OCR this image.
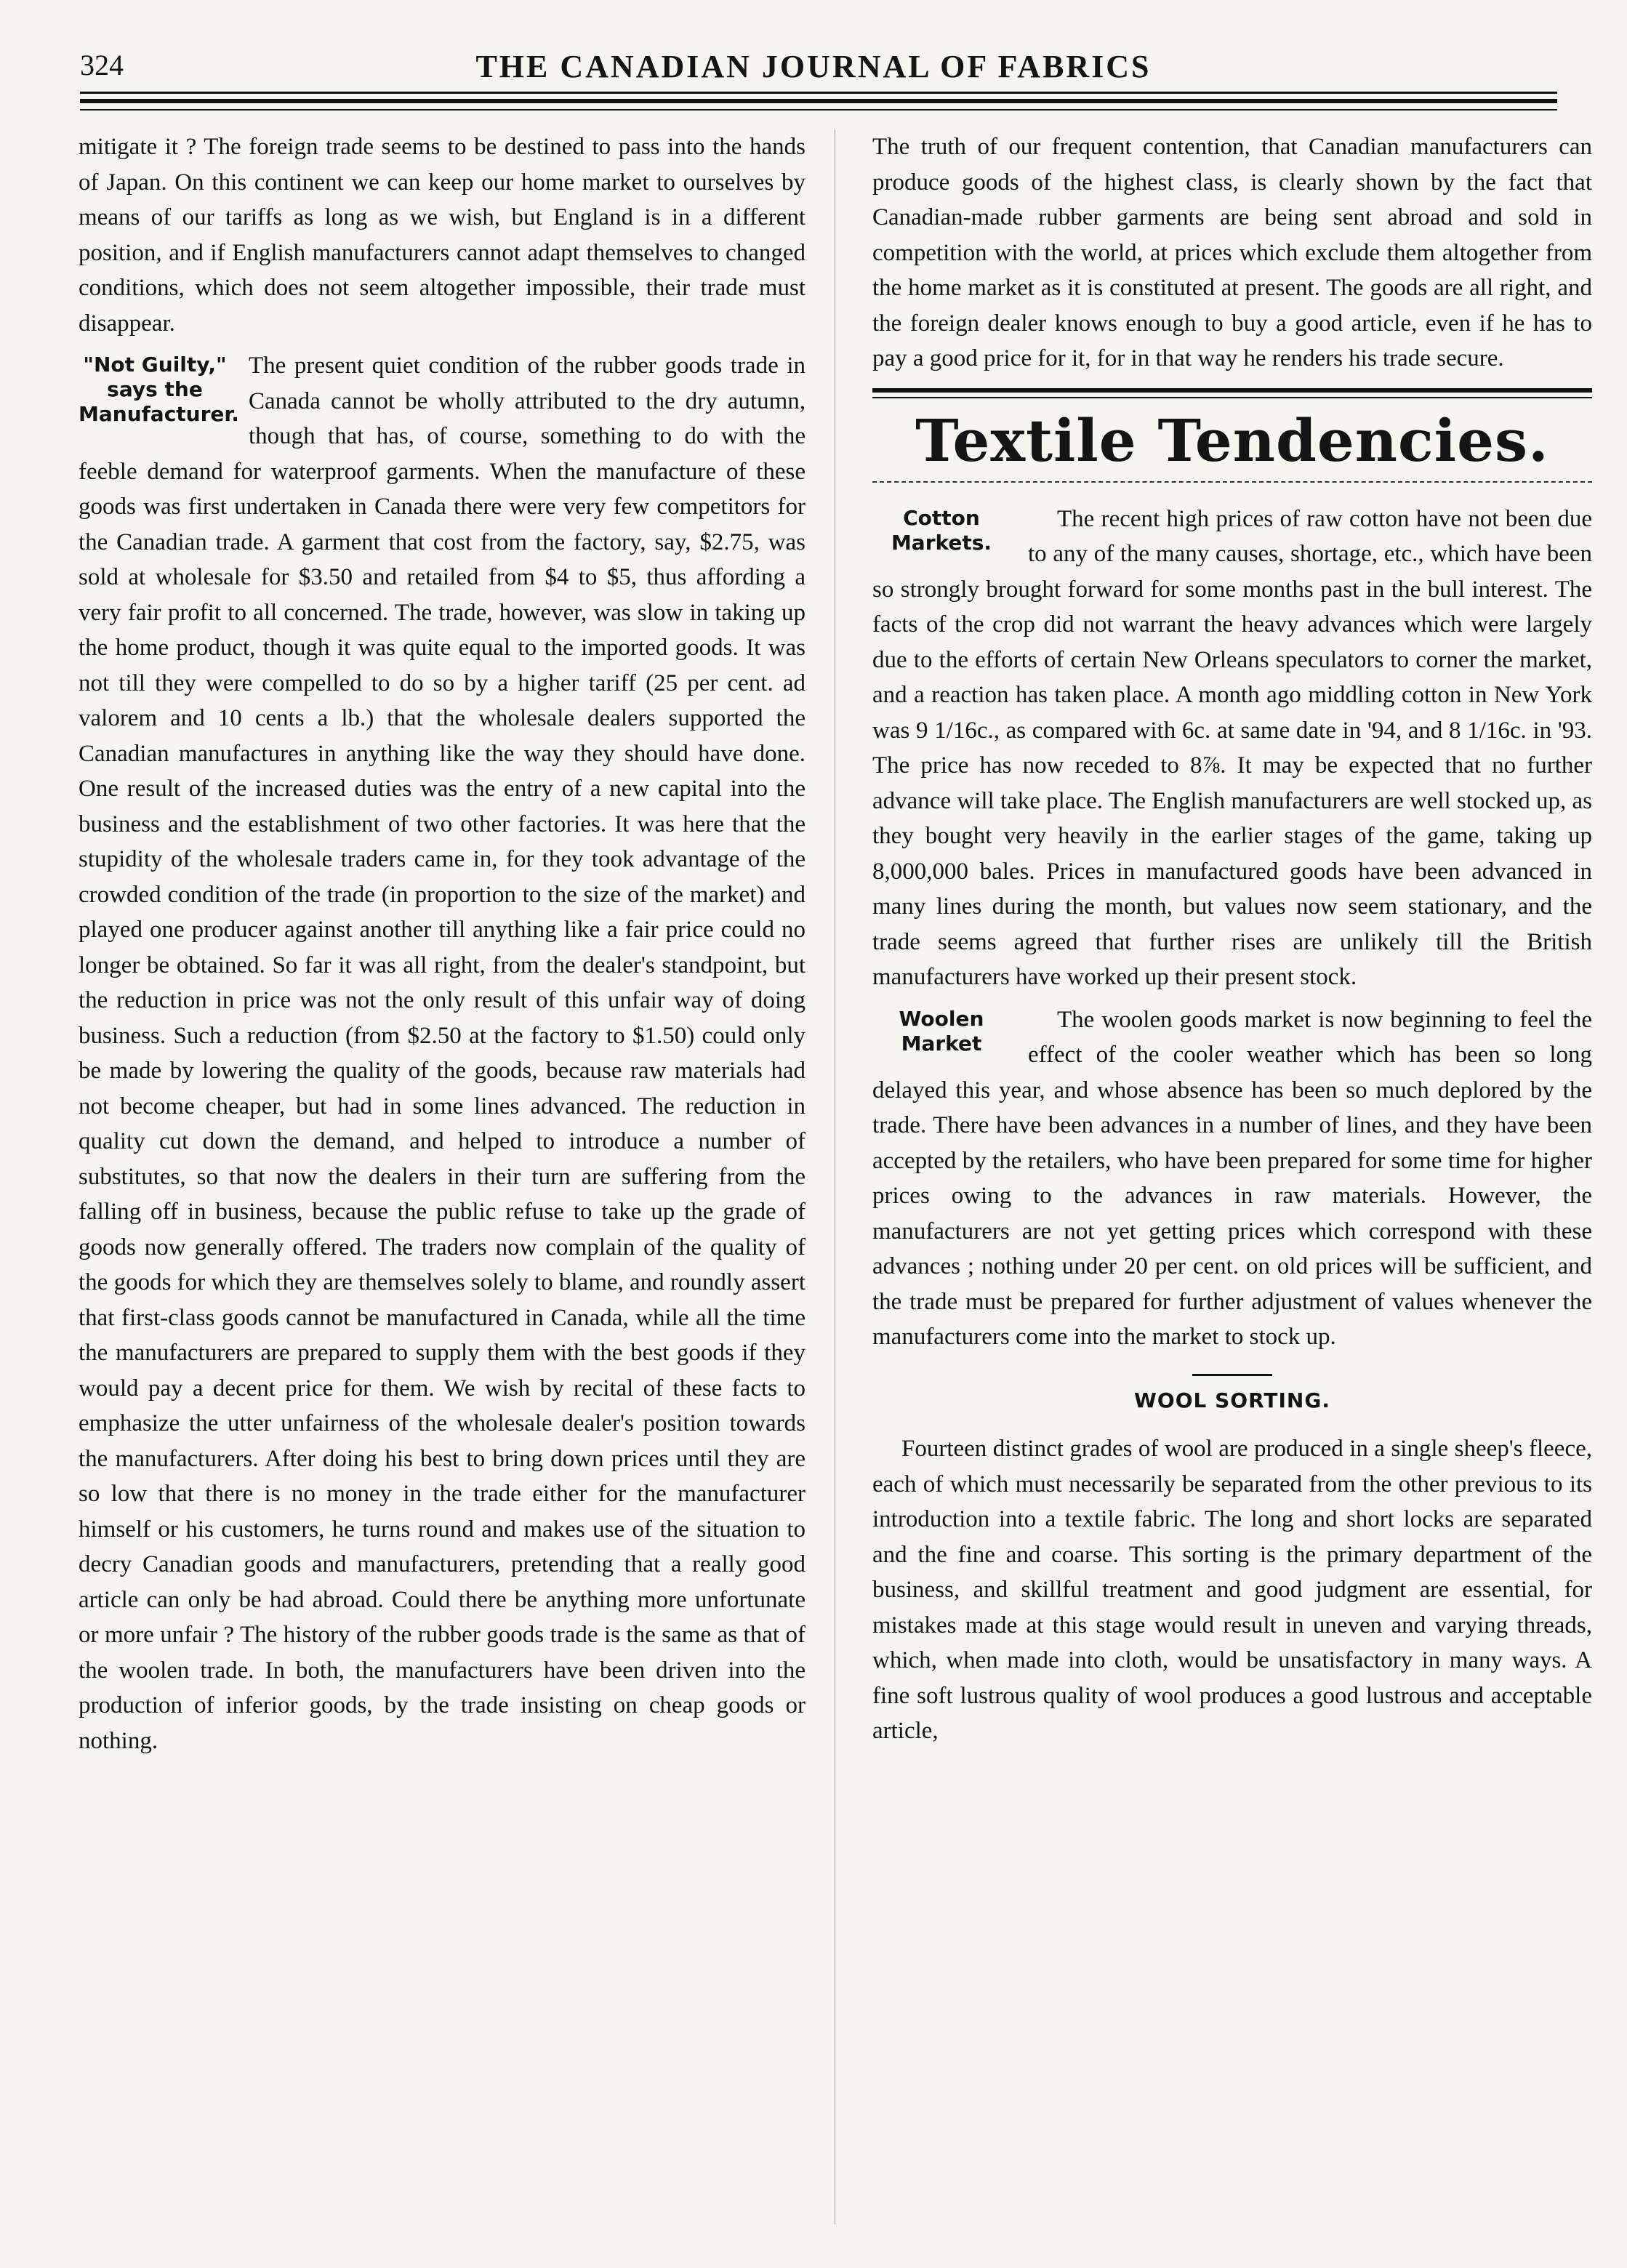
324	THE CANADIAN JOURNAL OF FABRICS

mitigate it ? The foreign trade seems to be destined to pass into the hands of Japan. On this continent we can keep our home market to ourselves by means of our tariffs as long as we wish, but England is in a different position, and if English manufacturers cannot adapt themselves to changed conditions, which does not seem altogether impossible, their trade must disappear.

"Not Guilty,"
says the
Manufacturer.

The present quiet condition of the rubber goods trade in Canada cannot be wholly attributed to the dry autumn, though that has, of course, something to do with the feeble demand for waterproof garments. When the manufacture of these goods was first undertaken in Canada there were very few competitors for the Canadian trade. A garment that cost from the factory, say, $2.75, was sold at wholesale for $3.50 and retailed from $4 to $5, thus affording a very fair profit to all concerned. The trade, however, was slow in taking up the home product, though it was quite equal to the imported goods. It was not till they were compelled to do so by a higher tariff (25 per cent. ad valorem and 10 cents a lb.) that the wholesale dealers supported the Canadian manufactures in anything like the way they should have done. One result of the increased duties was the entry of a new capital into the business and the establishment of two other factories. It was here that the stupidity of the wholesale traders came in, for they took advantage of the crowded condition of the trade (in proportion to the size of the market) and played one producer against another till anything like a fair price could no longer be obtained. So far it was all right, from the dealer's standpoint, but the reduction in price was not the only result of this unfair way of doing business. Such a reduction (from $2.50 at the factory to $1.50) could only be made by lowering the quality of the goods, because raw materials had not become cheaper, but had in some lines advanced. The reduction in quality cut down the demand, and helped to introduce a number of substitutes, so that now the dealers in their turn are suffering from the falling off in business, because the public refuse to take up the grade of goods now generally offered. The traders now complain of the quality of the goods for which they are themselves solely to blame, and roundly assert that first-class goods cannot be manufactured in Canada, while all the time the manufacturers are prepared to supply them with the best goods if they would pay a decent price for them. We wish by recital of these facts to emphasize the utter unfairness of the wholesale dealer's position towards the manufacturers. After doing his best to bring down prices until they are so low that there is no money in the trade either for the manufacturer himself or his customers, he turns round and makes use of the situation to decry Canadian goods and manufacturers, pretending that a really good article can only be had abroad. Could there be anything more unfortunate or more unfair ? The history of the rubber goods trade is the same as that of the woolen trade. In both, the manufacturers have been driven into the production of inferior goods, by the trade insisting on cheap goods or nothing.

The truth of our frequent contention, that Canadian manufacturers can produce goods of the highest class, is clearly shown by the fact that Canadian-made rubber garments are being sent abroad and sold in competition with the world, at prices which exclude them altogether from the home market as it is constituted at present. The goods are all right, and the foreign dealer knows enough to buy a good article, even if he has to pay a good price for it, for in that way he renders his trade secure.

Textile Tendencies.
Cotton
Markets.

The recent high prices of raw cotton have not been due to any of the many causes, shortage, etc., which have been so strongly brought forward for some months past in the bull interest. The facts of the crop did not warrant the heavy advances which were largely due to the efforts of certain New Orleans speculators to corner the market, and a reaction has taken place. A month ago middling cotton in New York was 9 1/16c., as compared with 6c. at same date in '94, and 8 1/16c. in '93. The price has now receded to 8⅞. It may be expected that no further advance will take place. The English manufacturers are well stocked up, as they bought very heavily in the earlier stages of the game, taking up 8,000,000 bales. Prices in manufactured goods have been advanced in many lines during the month, but values now seem stationary, and the trade seems agreed that further rises are unlikely till the British manufacturers have worked up their present stock.

Woolen
Market

The woolen goods market is now beginning to feel the effect of the cooler weather which has been so long delayed this year, and whose absence has been so much deplored by the trade. There have been advances in a number of lines, and they have been accepted by the retailers, who have been prepared for some time for higher prices owing to the advances in raw materials. However, the manufacturers are not yet getting prices which correspond with these advances ; nothing under 20 per cent. on old prices will be sufficient, and the trade must be prepared for further adjustment of values whenever the manufacturers come into the market to stock up.

WOOL SORTING.

Fourteen distinct grades of wool are produced in a single sheep's fleece, each of which must necessarily be separated from the other previous to its introduction into a textile fabric. The long and short locks are separated and the fine and coarse. This sorting is the primary department of the business, and skillful treatment and good judgment are essential, for mistakes made at this stage would result in uneven and varying threads, which, when made into cloth, would be unsatisfactory in many ways. A fine soft lustrous quality of wool produces a good lustrous and acceptable article,
